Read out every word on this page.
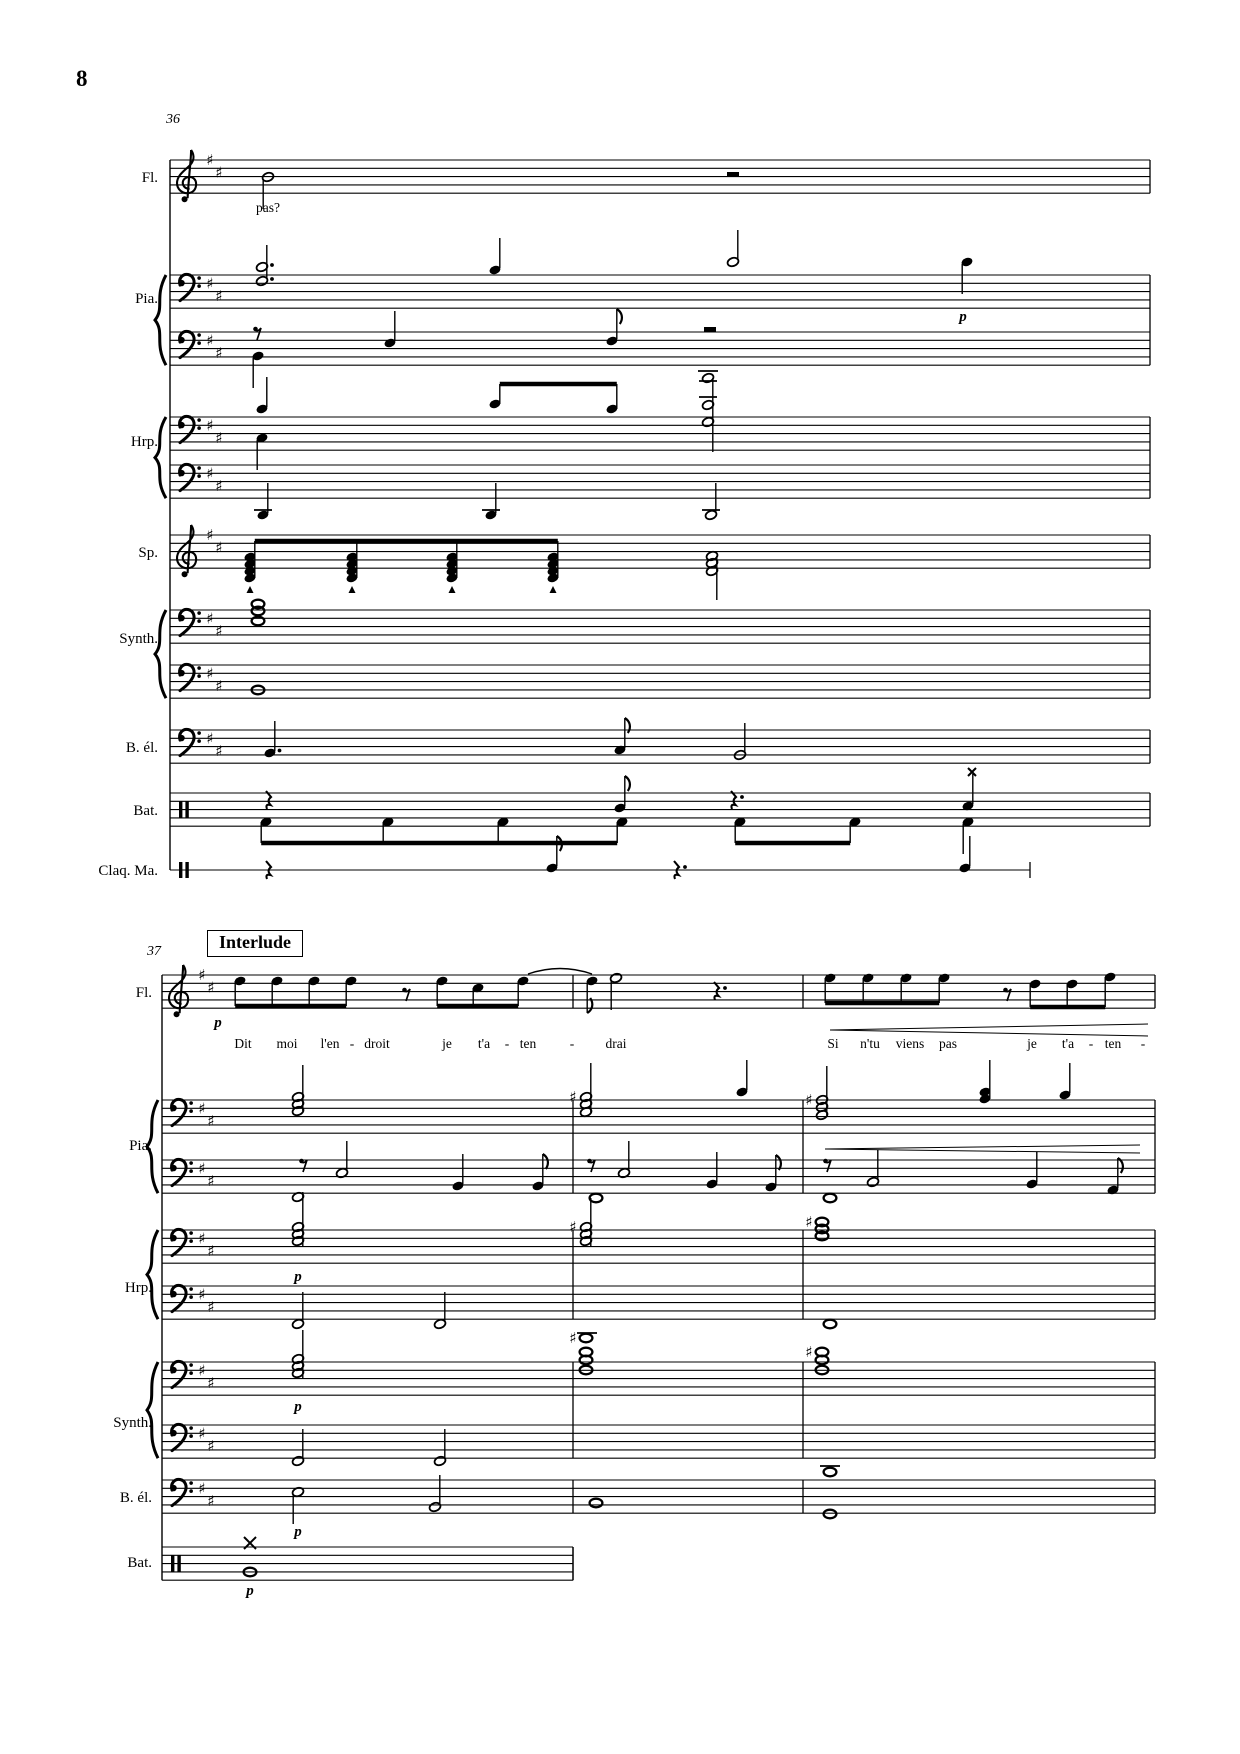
8
36
37	Interlude
♯
♯
♯
♯
♯
♯
♯
♯
♯
♯
♯
♯
♯
♯
♯
♯
♯
♯
Fl.
Pia.
Hrp.
Sp.
Synth.
B. él.
Bat.
Claq. Ma.
pas?
p
♯
♯
♯
♯
♯
♯
♯
♯
♯
♯
♯
♯
♯
♯
♯
♯
Fl.
Pia.
Hrp.
Synth.
B. él.
Bat.
p
Dit moi l'en - droit	je t'a - ten - drai	Si n'tu viens pas	je t'a - ten -
♯	♯
p
♯	♯
p
♯
♯
p
p
